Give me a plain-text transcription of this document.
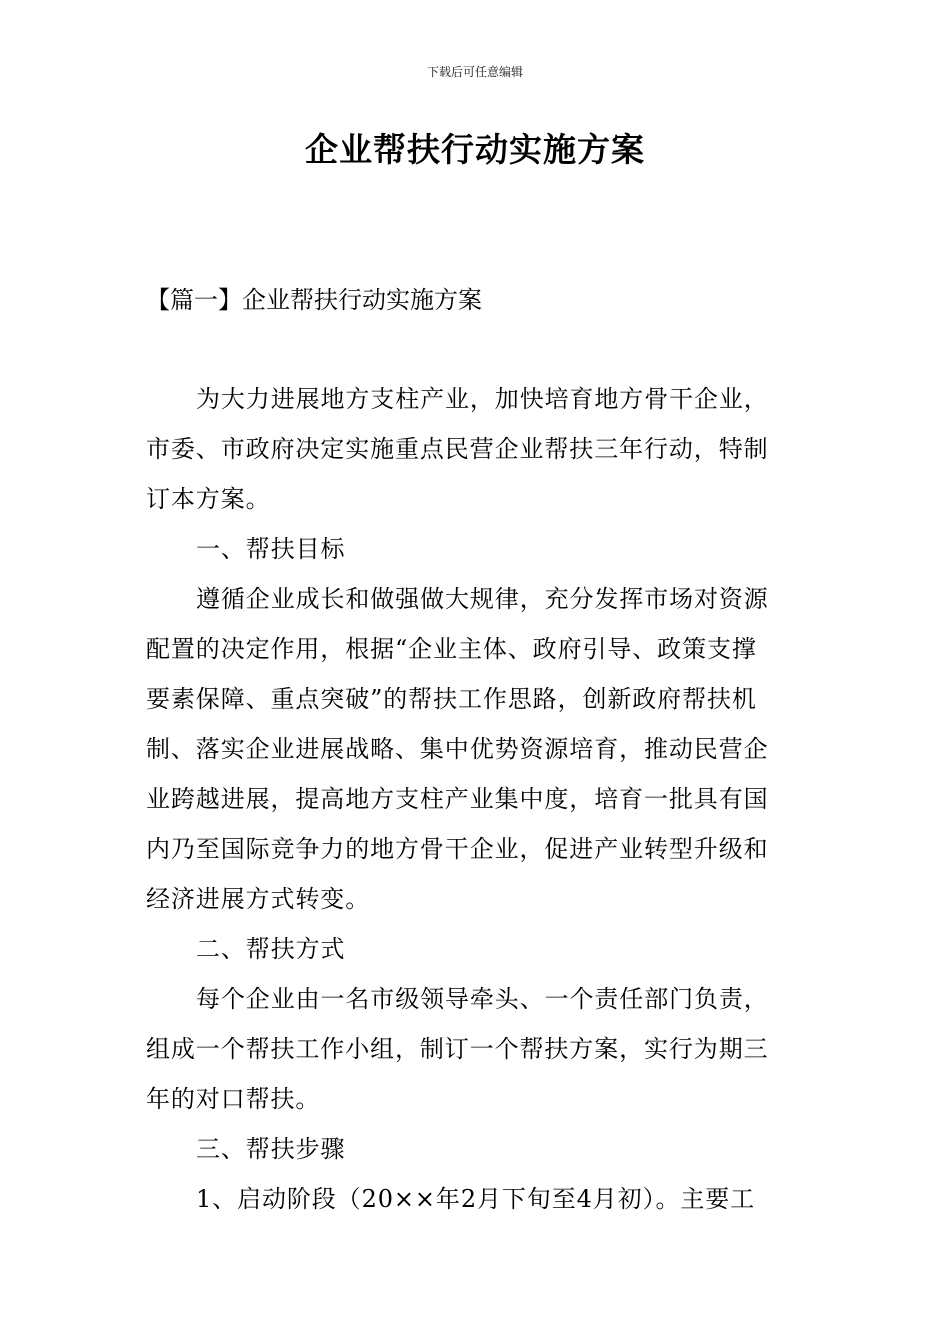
下载后可任意编辑
企业帮扶行动实施方案
【篇一】企业帮扶行动实施方案
为大力进展地方支柱产业，加快培育地方骨干企业，
市委、市政府决定实施重点民营企业帮扶三年行动，特制
订本方案。
一、帮扶目标
遵循企业成长和做强做大规律，充分发挥市场对资源
配置的决定作用，根据“企业主体、政府引导、政策支撑
要素保障、重点突破”的帮扶工作思路，创新政府帮扶机
制、落实企业进展战略、集中优势资源培育，推动民营企
业跨越进展，提高地方支柱产业集中度，培育一批具有国
内乃至国际竞争力的地方骨干企业，促进产业转型升级和
经济进展方式转变。
二、帮扶方式
每个企业由一名市级领导牵头、一个责任部门负责，
组成一个帮扶工作小组，制订一个帮扶方案，实行为期三
年的对口帮扶。
三、帮扶步骤
1、启动阶段（20××年2月下旬至4月初）。主要工
